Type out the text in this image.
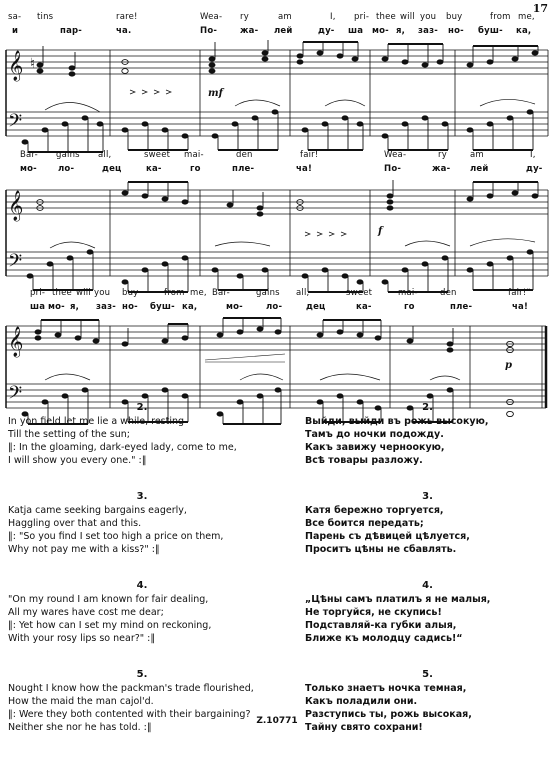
17
sa- tins	rare!	Wea- ry	am	I, pri- thee will you buy	from me,
и	пар-	ча.	По-	жа- лей	ду- ша мо- я, заз- но- буш- ка,
𝄞
𝄢
♮
mf
Bar- gains all,	sweet mai-	den	fair!	Wea-	ry	am	I,
мо- ло-	дец	ка-	го	пле-	ча!	По-	жа- лей	ду-
𝄞
𝄢
f
pri- thee will you buy	from me, Bar-	gains all,	sweet	mai-	den	fair!"
ша мо- я, заз- но- буш- ка,	мо-	ло-	дец	ка-	го	пле-	ча!
𝄞
𝄢
p
2.
In yon field let me lie a while, resting
Till the setting of the sun;
‖: In the gloaming, dark-eyed lady, come to me,
I will show you every one." :‖
3.
Katja came seeking bargains eagerly,
Haggling over that and this.
‖: "So you find I set too high a price on them,
Why not pay me with a kiss?" :‖
4.
"On my round I am known for fair dealing,
All my wares have cost me dear;
‖: Yet how can I set my mind on reckoning,
With your rosy lips so near?" :‖
5.
Nought I know how the packman's trade flourished,
How the maid the man cajol'd.
‖: Were they both contented with their bargaining?
Neither she nor he has told. :‖
2.
Выйди, выйди въ рожь высокую,
Тамъ до ночки подожду.
Какъ завижу черноокую,
Всѣ товары разложу.
3.
Катя бережно торгуется,
Все боится передать;
Парень съ дѣвицей цѣлуется,
Проситъ цѣны не сбавлять.
4.
„Цѣны самъ платилъ я не малыя,
Не торгуйся, не скупись!
Подставляй-ка губки алыя,
Ближе къ молодцу садись!“
5.
Только знаетъ ночка темная,
Какъ поладили они.
Разступись ты, рожь высокая,
Тайну свято сохрани!
Z.10771
